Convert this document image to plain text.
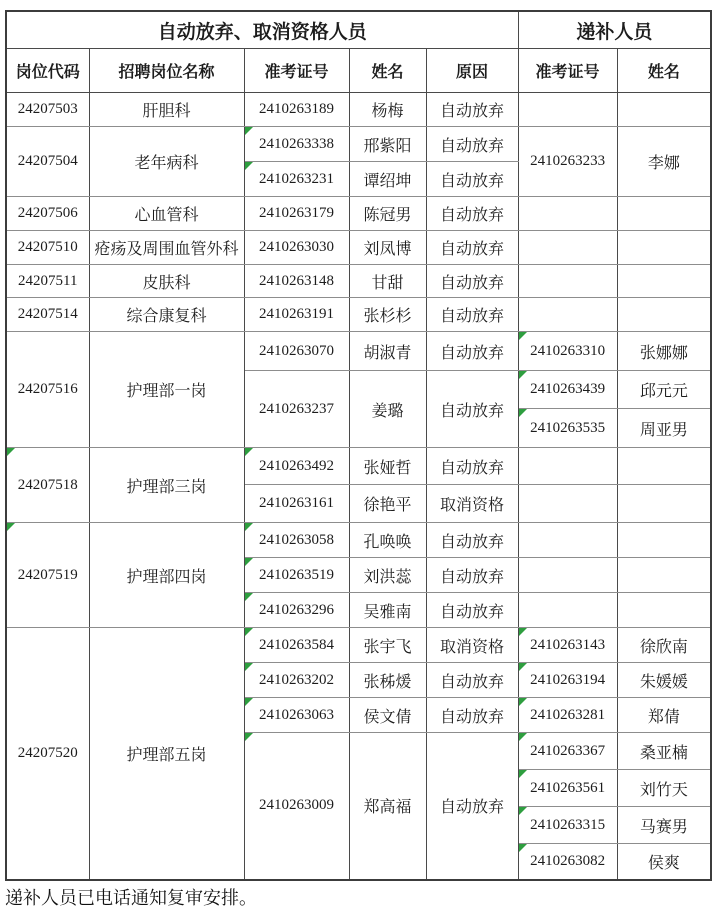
自动放弃、取消资格人员					递补人员	
岗位代码	招聘岗位名称	准考证号	姓名	原因	准考证号	姓名
24207503	肝胆科	2410263189	杨梅	自动放弃		
24207504	老年病科	2410263338	邢紫阳	自动放弃	2410263233	李娜
		2410263231	谭绍坤	自动放弃		
24207506	心血管科	2410263179	陈冠男	自动放弃		
24207510	疮疡及周围血管外科	2410263030	刘凤博	自动放弃		
24207511	皮肤科	2410263148	甘甜	自动放弃		
24207514	综合康复科	2410263191	张杉杉	自动放弃		
24207516	护理部一岗	2410263070	胡淑青	自动放弃	2410263310	张娜娜
		2410263237	姜璐	自动放弃	2410263439	邱元元
					2410263535	周亚男
24207518	护理部三岗	2410263492	张娅哲	自动放弃		
		2410263161	徐艳平	取消资格		
24207519	护理部四岗	2410263058	孔唤唤	自动放弃		
		2410263519	刘洪蕊	自动放弃		
		2410263296	吴雅南	自动放弃		
24207520	护理部五岗	2410263584	张宇飞	取消资格	2410263143	徐欣南
		2410263202	张秭煖	自动放弃	2410263194	朱媛媛
		2410263063	侯文倩	自动放弃	2410263281	郑倩
		2410263009	郑高福	自动放弃	2410263367	桑亚楠
					2410263561	刘竹天
					2410263315	马赛男
					2410263082	侯爽

递补人员已电话通知复审安排。
